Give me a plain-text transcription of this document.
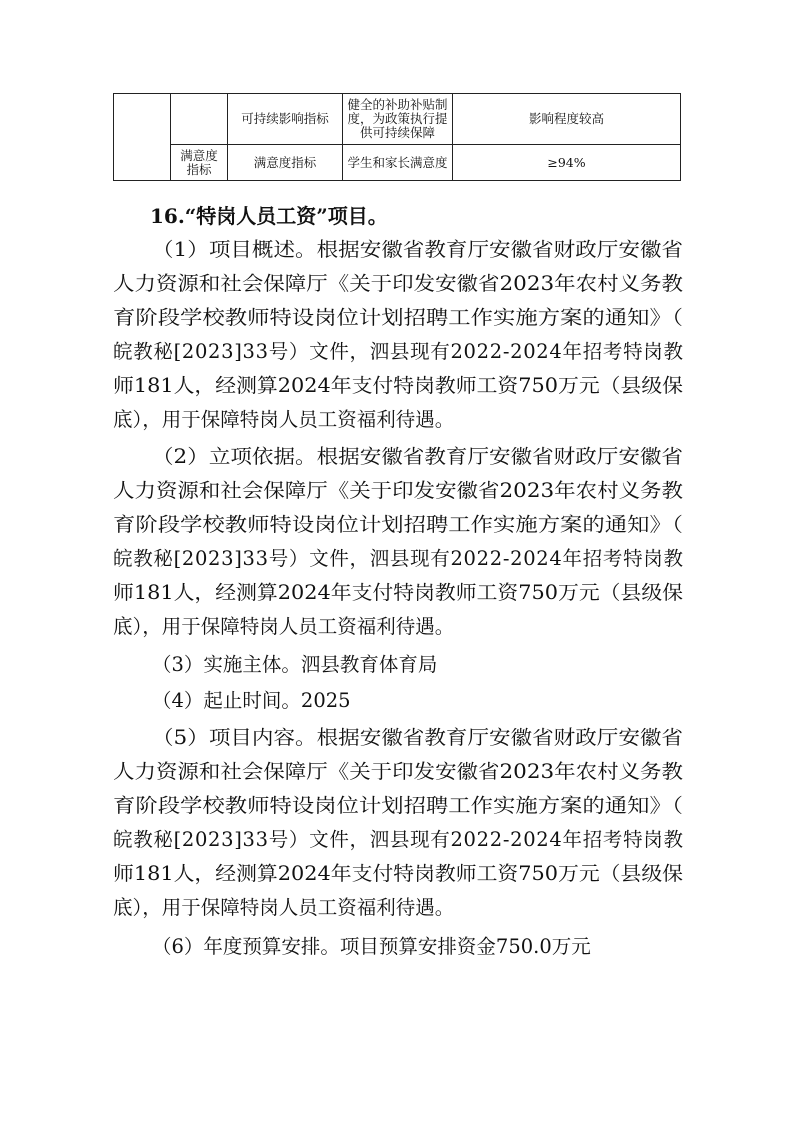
		可持续影响指标	健全的补助补贴制度，为政策执行提供可持续保障	影响程度较高
	满意度指标	满意度指标	学生和家长满意度	≥94%
16.“特岗人员工资”项目。
（1）项目概述。根据安徽省教育厅安徽省财政厅安徽省
人力资源和社会保障厅《关于印发安徽省2023年农村义务教
育阶段学校教师特设岗位计划招聘工作实施方案的通知》（
皖教秘[2023]33号）文件，泗县现有2022-2024年招考特岗教
师181人，经测算2024年支付特岗教师工资750万元（县级保
底），用于保障特岗人员工资福利待遇。
（2）立项依据。根据安徽省教育厅安徽省财政厅安徽省
人力资源和社会保障厅《关于印发安徽省2023年农村义务教
育阶段学校教师特设岗位计划招聘工作实施方案的通知》（
皖教秘[2023]33号）文件，泗县现有2022-2024年招考特岗教
师181人，经测算2024年支付特岗教师工资750万元（县级保
底），用于保障特岗人员工资福利待遇。
（3）实施主体。泗县教育体育局
（4）起止时间。2025
（5）项目内容。根据安徽省教育厅安徽省财政厅安徽省
人力资源和社会保障厅《关于印发安徽省2023年农村义务教
育阶段学校教师特设岗位计划招聘工作实施方案的通知》（
皖教秘[2023]33号）文件，泗县现有2022-2024年招考特岗教
师181人，经测算2024年支付特岗教师工资750万元（县级保
底），用于保障特岗人员工资福利待遇。
（6）年度预算安排。项目预算安排资金750.0万元
